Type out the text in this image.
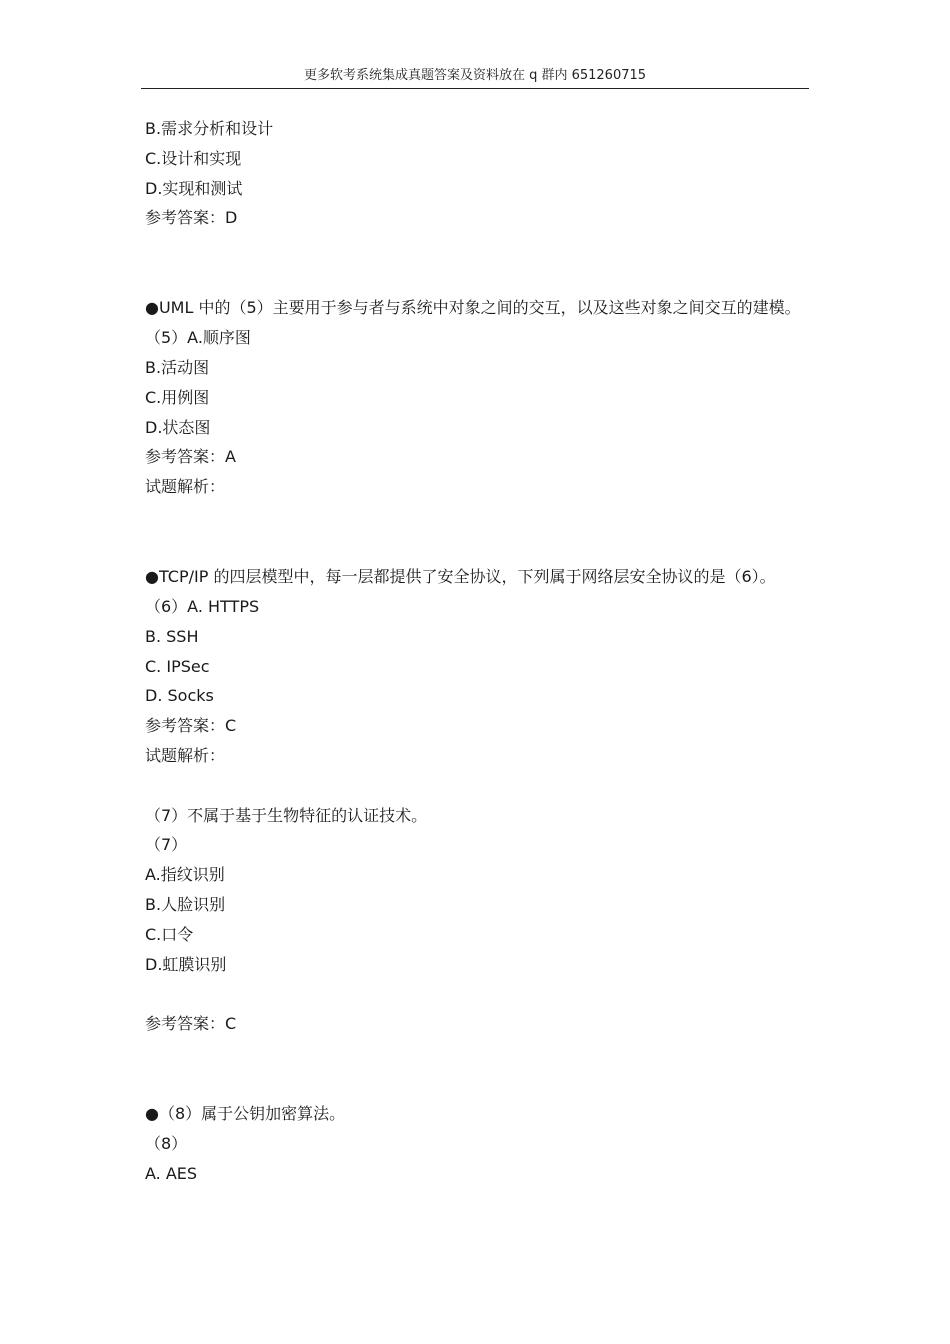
更多软考系统集成真题答案及资料放在 q 群内 651260715
B.需求分析和设计
C.设计和实现
D.实现和测试
参考答案：D
●UML 中的（5）主要用于参与者与系统中对象之间的交互，以及这些对象之间交互的建模。
（5）A.顺序图
B.活动图
C.用例图
D.状态图
参考答案：A
试题解析：
●TCP/IP 的四层模型中，每一层都提供了安全协议，下列属于网络层安全协议的是（6）。
（6）A. HTTPS
B. SSH
C. IPSec
D. Socks
参考答案：C
试题解析：
（7）不属于基于生物特征的认证技术。
（7）
A.指纹识别
B.人脸识别
C.口令
D.虹膜识别
参考答案：C
●（8）属于公钥加密算法。
（8）
A. AES
